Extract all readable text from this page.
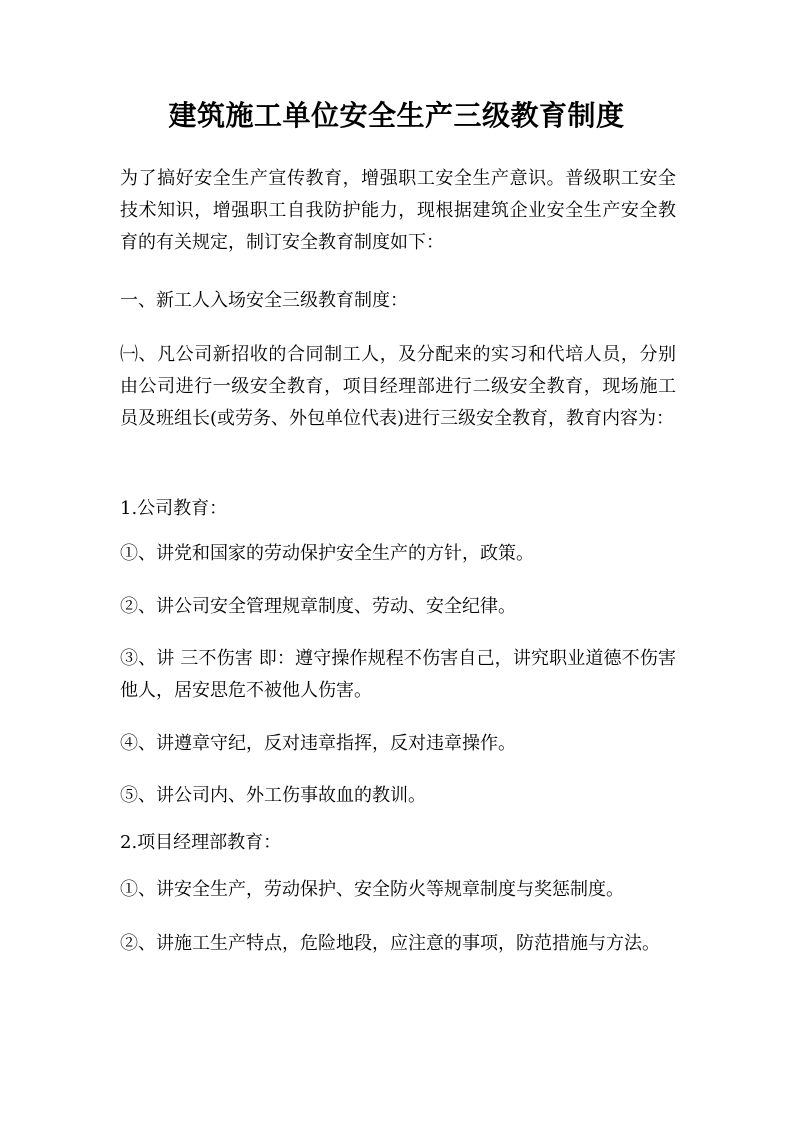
建筑施工单位安全生产三级教育制度
为了搞好安全生产宣传教育，增强职工安全生产意识。普级职工安全技术知识，增强职工自我防护能力，现根据建筑企业安全生产安全教育的有关规定，制订安全教育制度如下：
一、新工人入场安全三级教育制度：
㈠、凡公司新招收的合同制工人，及分配来的实习和代培人员，分别由公司进行一级安全教育，项目经理部进行二级安全教育，现场施工员及班组长(或劳务、外包单位代表)进行三级安全教育，教育内容为：
1.公司教育：
①、讲党和国家的劳动保护安全生产的方针，政策。
②、讲公司安全管理规章制度、劳动、安全纪律。
③、讲 三不伤害 即：遵守操作规程不伤害自己，讲究职业道德不伤害他人，居安思危不被他人伤害。
④、讲遵章守纪，反对违章指挥，反对违章操作。
⑤、讲公司内、外工伤事故血的教训。
2.项目经理部教育：
①、讲安全生产，劳动保护、安全防火等规章制度与奖惩制度。
②、讲施工生产特点，危险地段，应注意的事项，防范措施与方法。
